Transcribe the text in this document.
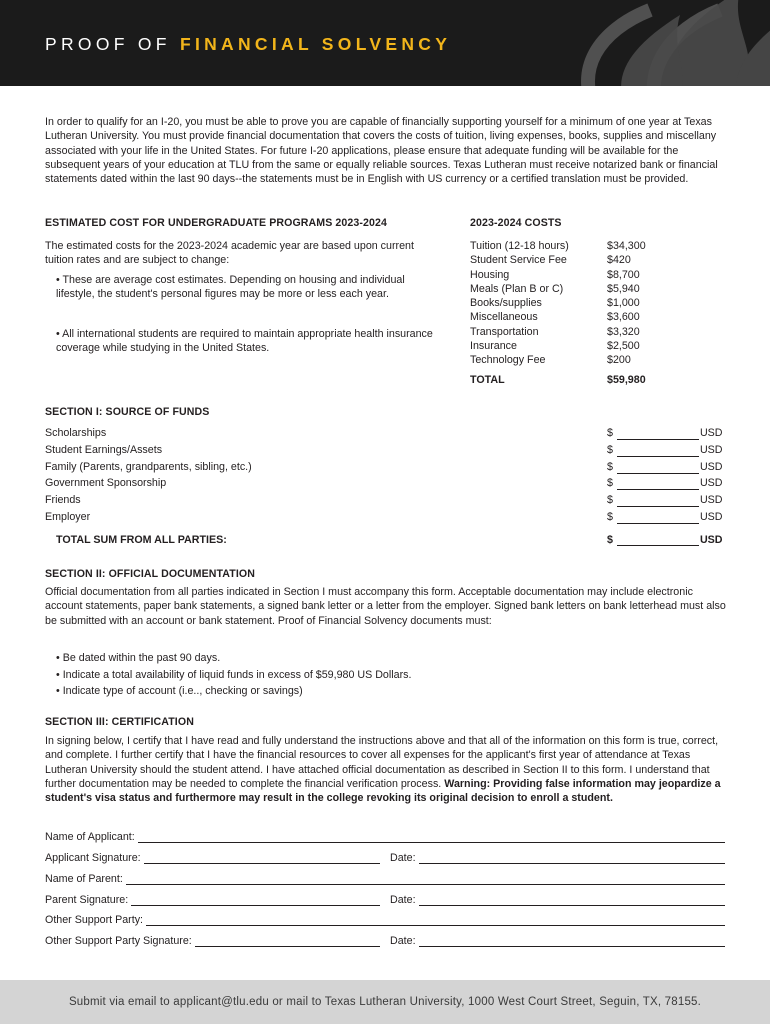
PROOF OF FINANCIAL SOLVENCY
In order to qualify for an I-20, you must be able to prove you are capable of financially supporting yourself for a minimum of one year at Texas Lutheran University. You must provide financial documentation that covers the costs of tuition, living expenses, books, supplies and miscellany associated with your life in the United States. For future I-20 applications, please ensure that adequate funding will be available for the subsequent years of your education at TLU from the same or equally reliable sources. Texas Lutheran must receive notarized bank or financial statements dated within the last 90 days--the statements must be in English with US currency or a certified translation must be provided.
ESTIMATED COST FOR UNDERGRADUATE PROGRAMS 2023-2024
The estimated costs for the 2023-2024 academic year are based upon current tuition rates and are subject to change:
• These are average cost estimates. Depending on housing and individual lifestyle, the student's personal figures may be more or less each year.
• All international students are required to maintain appropriate health insurance coverage while studying in the United States.
2023-2024 COSTS
Tuition (12-18 hours)	$34,300
Student Service Fee	$420
Housing	$8,700
Meals (Plan B or C)	$5,940
Books/supplies	$1,000
Miscellaneous	$3,600
Transportation	$3,320
Insurance	$2,500
Technology Fee	$200
TOTAL	$59,980
SECTION I: SOURCE OF FUNDS
Scholarships	$	USD
Student Earnings/Assets	$	USD
Family (Parents, grandparents, sibling, etc.)	$	USD
Government Sponsorship	$	USD
Friends	$	USD
Employer	$	USD
TOTAL SUM FROM ALL PARTIES:	$	USD
SECTION II: OFFICIAL DOCUMENTATION
Official documentation from all parties indicated in Section I must accompany this form. Acceptable documentation may include electronic account statements, paper bank statements, a signed bank letter or a letter from the employer. Signed bank letters on bank letterhead must also be submitted with an account or bank statement. Proof of Financial Solvency documents must:
• Be dated within the past 90 days.
• Indicate a total availability of liquid funds in excess of $59,980 US Dollars.
• Indicate type of account (i.e.., checking or savings)
SECTION III: CERTIFICATION
In signing below, I certify that I have read and fully understand the instructions above and that all of the information on this form is true, correct, and complete. I further certify that I have the financial resources to cover all expenses for the applicant's first year of attendance at Texas Lutheran University should the student attend. I have attached official documentation as described in Section II to this form. I understand that further documentation may be needed to complete the financial verification process. Warning: Providing false information may jeopardize a student's visa status and furthermore may result in the college revoking its original decision to enroll a student.
Name of Applicant:
Applicant Signature:	Date:
Name of Parent:
Parent Signature:	Date:
Other Support Party:
Other Support Party Signature:	Date:
Submit via email to applicant@tlu.edu or mail to Texas Lutheran University, 1000 West Court Street, Seguin, TX, 78155.
